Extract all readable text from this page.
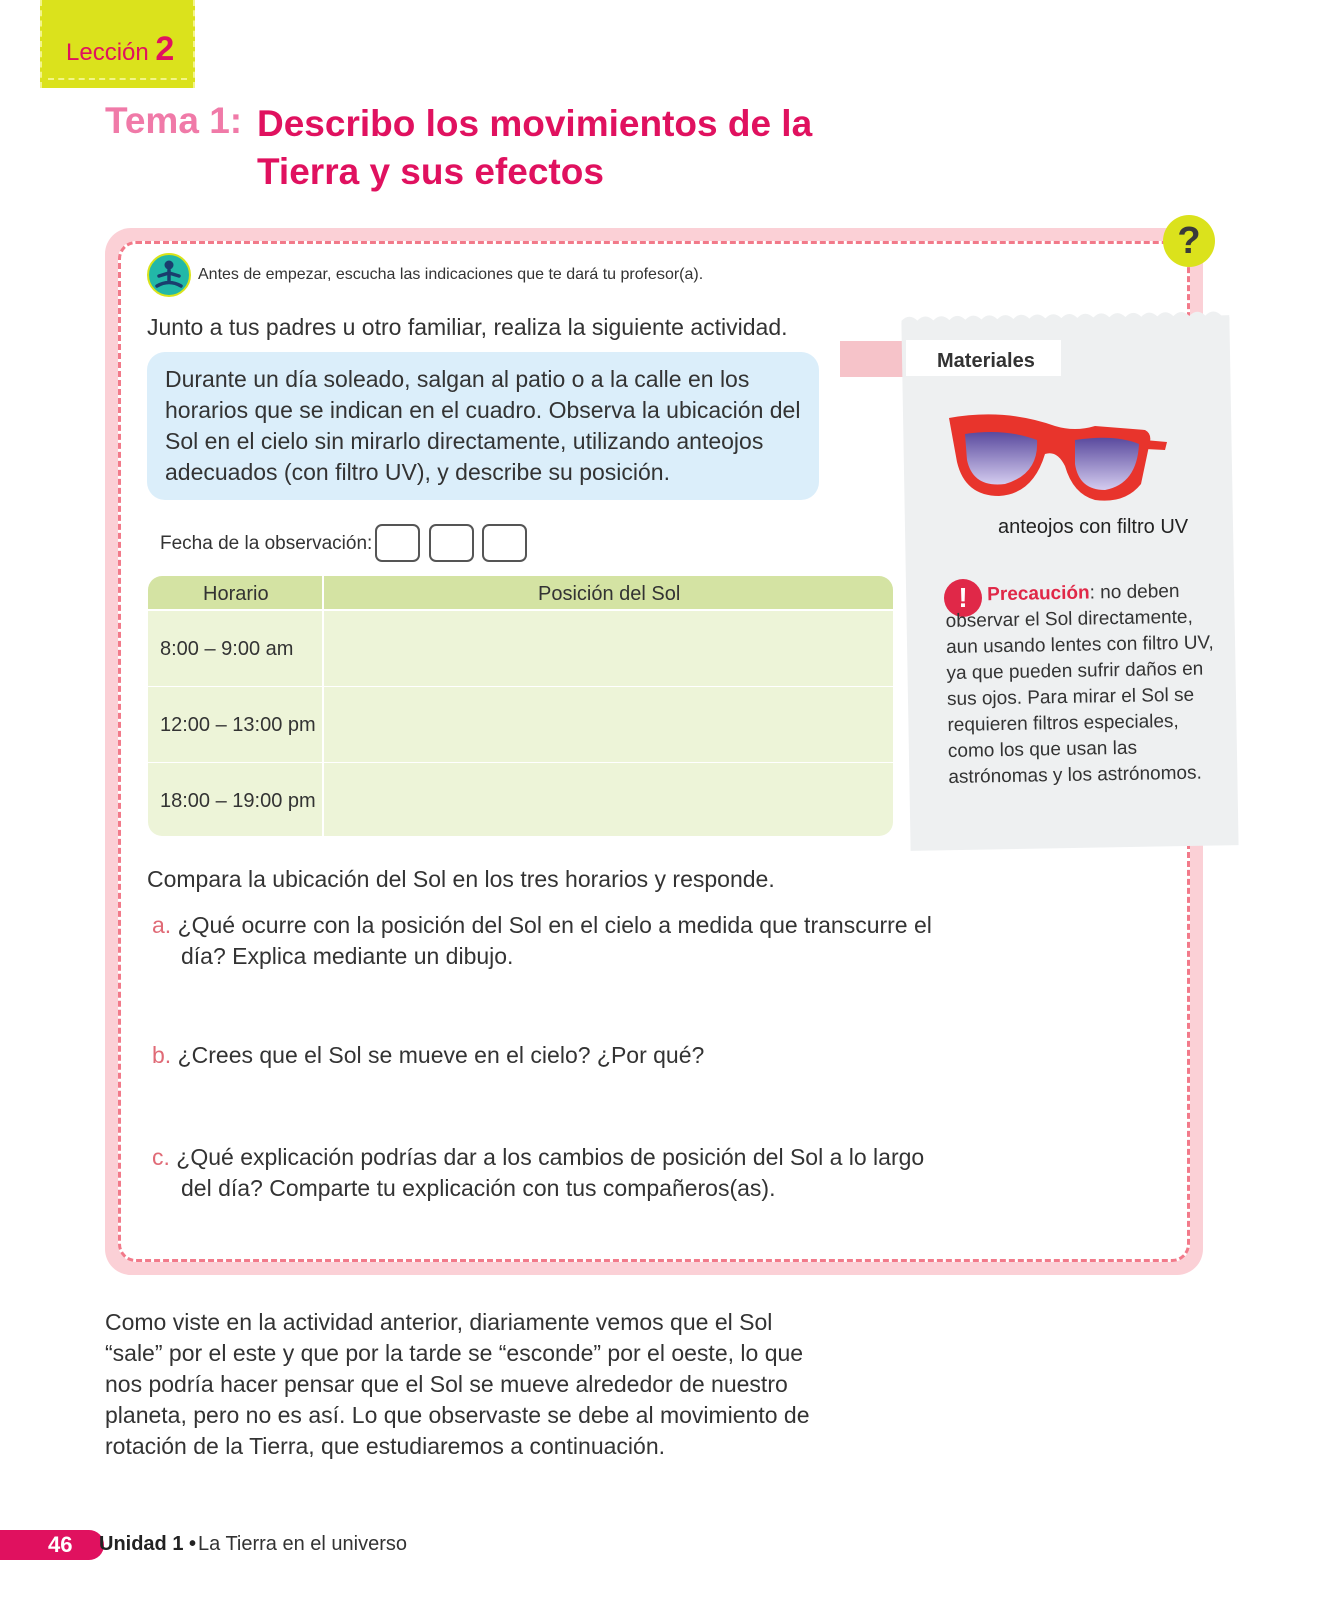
Lección 2
Tema 1: Describo los movimientos de la
Tierra y sus efectos
?
Antes de empezar, escucha las indicaciones que te dará tu profesor(a).
Junto a tus padres u otro familiar, realiza la siguiente actividad.
Durante un día soleado, salgan al patio o a la calle en los horarios que se indican en el cuadro. Observa la ubicación del Sol en el cielo sin mirarlo directamente, utilizando anteojos adecuados (con filtro UV), y describe su posición.
Fecha de la observación:
Horario	Posición del Sol
8:00 – 9:00 am
12:00 – 13:00 pm
18:00 – 19:00 pm
Materiales
anteojos con filtro UV
!	Precaución: no deben observar el Sol directamente, aun usando lentes con filtro UV, ya que pueden sufrir daños en sus ojos. Para mirar el Sol se requieren filtros especiales, como los que usan las astrónomas y los astrónomos.
Compara la ubicación del Sol en los tres horarios y responde.
a. ¿Qué ocurre con la posición del Sol en el cielo a medida que transcurre el
día? Explica mediante un dibujo.
b. ¿Crees que el Sol se mueve en el cielo? ¿Por qué?
c. ¿Qué explicación podrías dar a los cambios de posición del Sol a lo largo
del día? Comparte tu explicación con tus compañeros(as).
Como viste en la actividad anterior, diariamente vemos que el Sol “sale” por el este y que por la tarde se “esconde” por el oeste, lo que nos podría hacer pensar que el Sol se mueve alrededor de nuestro planeta, pero no es así. Lo que observaste se debe al movimiento de rotación de la Tierra, que estudiaremos a continuación.
46 Unidad 1 • La Tierra en el universo
